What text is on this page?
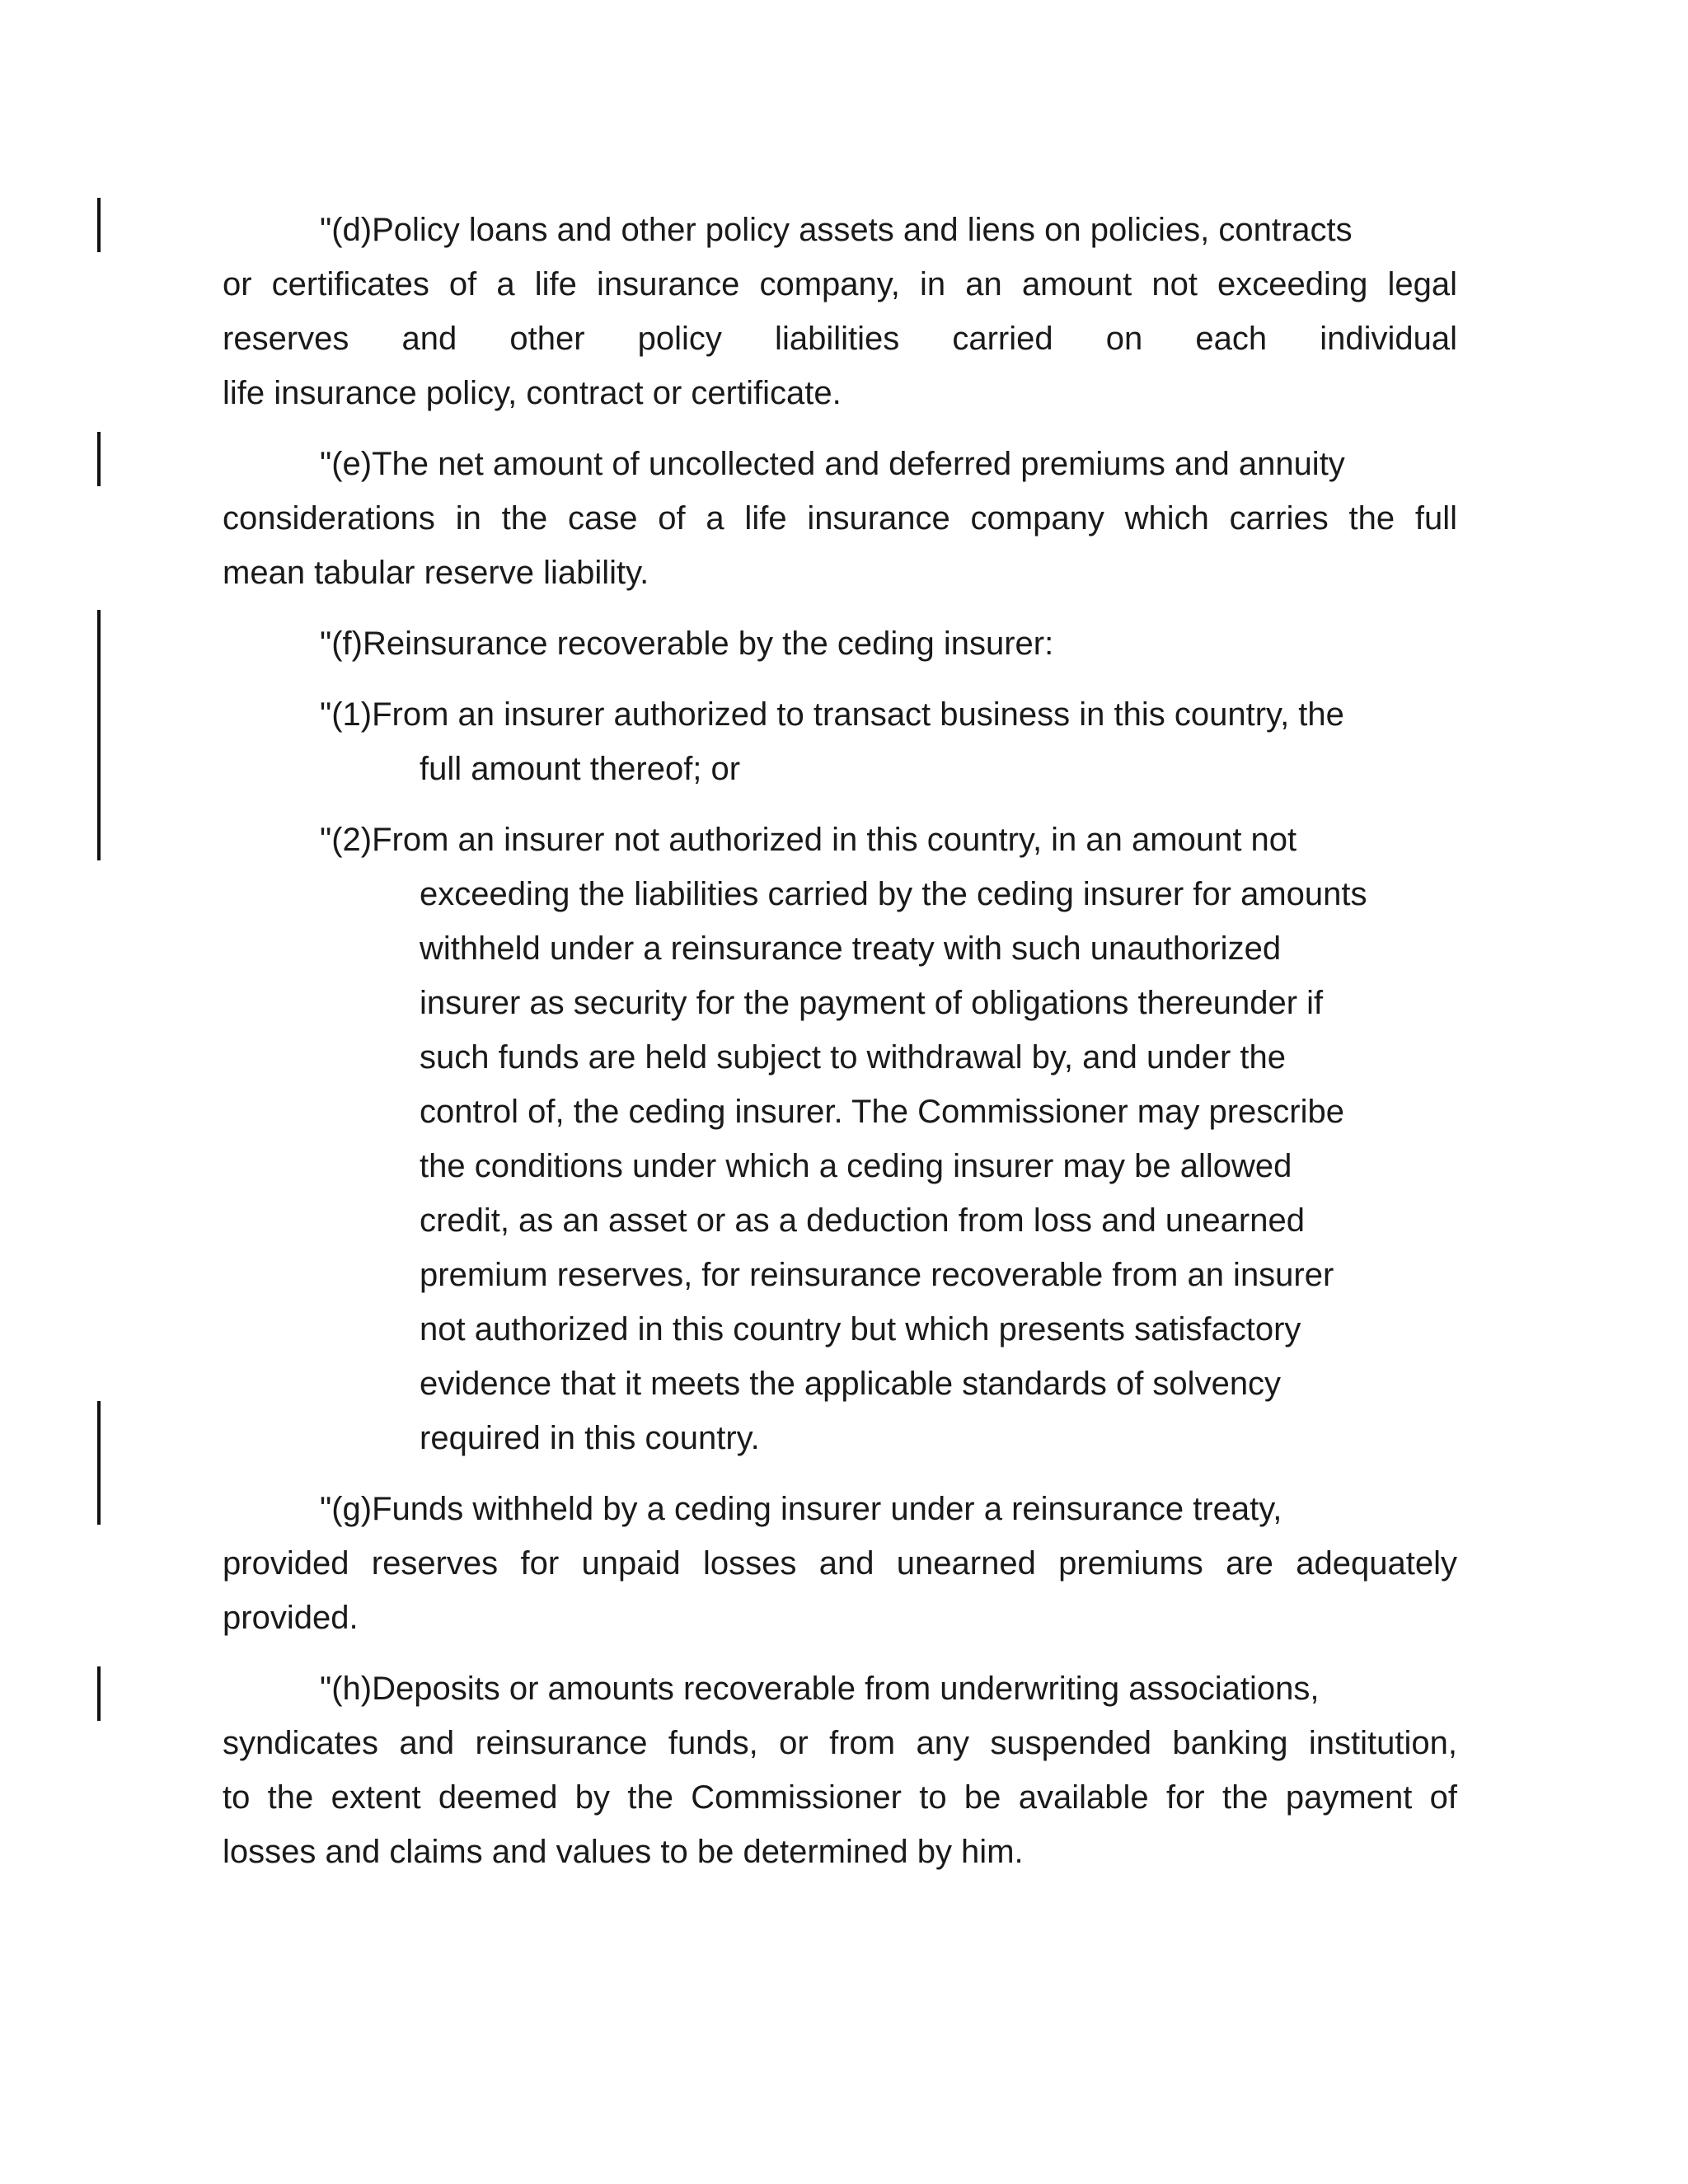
"(d)Policy loans and other policy assets and liens on policies, contracts
or certificates of a life insurance company, in an amount not exceeding legal
reserves and other policy liabilities carried on each individual
life insurance policy, contract or certificate.
"(e)The net amount of uncollected and deferred premiums and annuity
considerations in the case of a life insurance company which carries the full
mean tabular reserve liability.
"(f)Reinsurance recoverable by the ceding insurer:
"(1)From an insurer authorized to transact business in this country, the
full amount thereof; or
"(2)From an insurer not authorized in this country, in an amount not
exceeding the liabilities carried by the ceding insurer for amounts
withheld under a reinsurance treaty with such unauthorized
insurer as security for the payment of obligations thereunder if
such funds are held subject to withdrawal by, and under the
control of, the ceding insurer. The Commissioner may prescribe
the conditions under which a ceding insurer may be allowed
credit, as an asset or as a deduction from loss and unearned
premium reserves, for reinsurance recoverable from an insurer
not authorized in this country but which presents satisfactory
evidence that it meets the applicable standards of solvency
required in this country.
"(g)Funds withheld by a ceding insurer under a reinsurance treaty,
provided reserves for unpaid losses and unearned premiums are adequately
provided.
"(h)Deposits or amounts recoverable from underwriting associations,
syndicates and reinsurance funds, or from any suspended banking institution,
to the extent deemed by the Commissioner to be available for the payment of
losses and claims and values to be determined by him.
